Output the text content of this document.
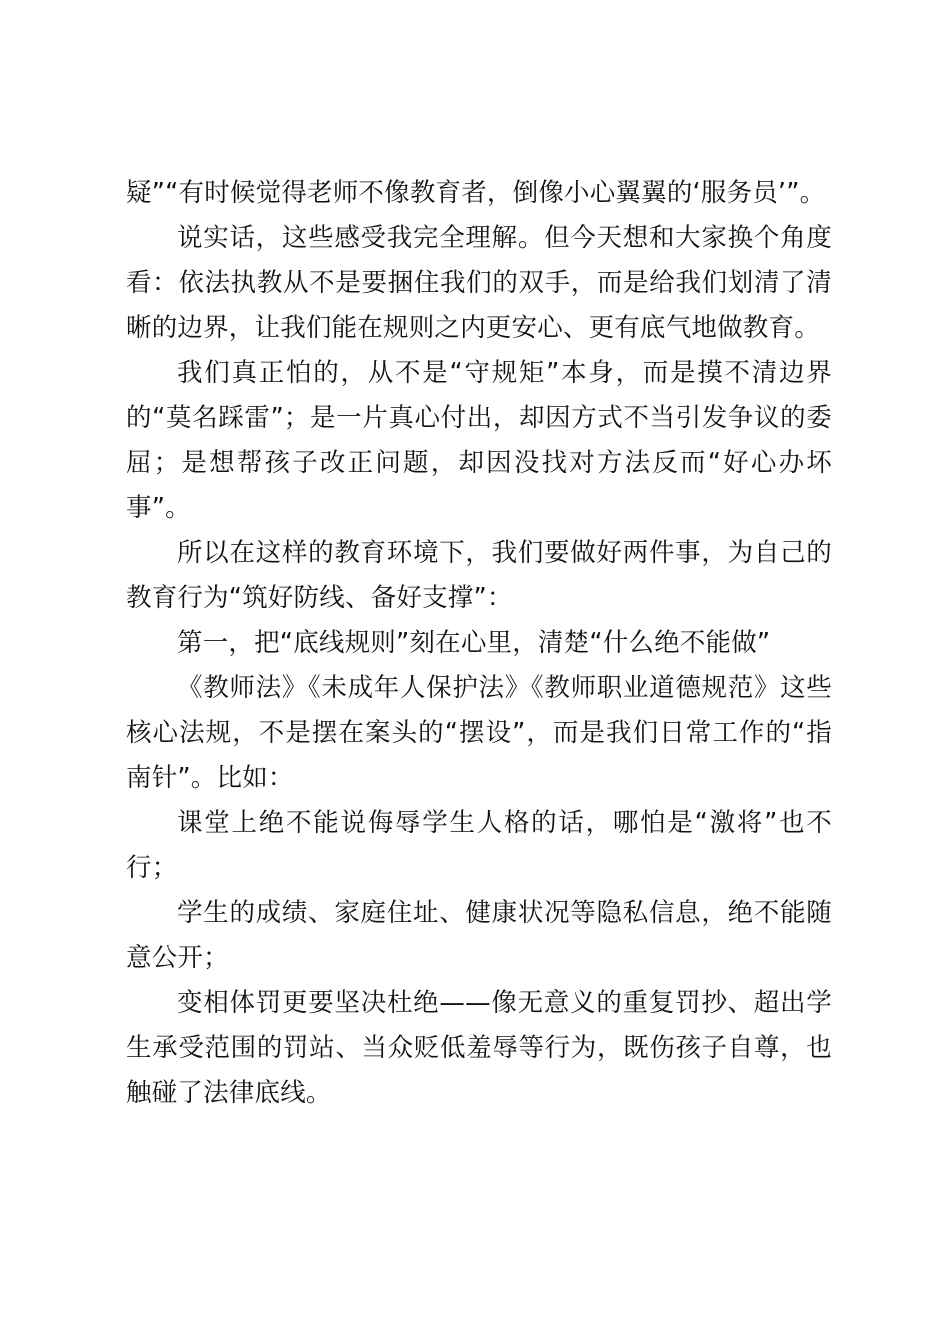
疑”“有时候觉得老师不像教育者，倒像小心翼翼的‘服务员’”。

说实话，这些感受我完全理解。但今天想和大家换个角度看：依法执教从不是要捆住我们的双手，而是给我们划清了清晰的边界，让我们能在规则之内更安心、更有底气地做教育。

我们真正怕的，从不是“守规矩”本身，而是摸不清边界的“莫名踩雷”；是一片真心付出，却因方式不当引发争议的委屈；是想帮孩子改正问题，却因没找对方法反而“好心办坏事”。

所以在这样的教育环境下，我们要做好两件事，为自己的教育行为“筑好防线、备好支撑”：

第一，把“底线规则”刻在心里，清楚“什么绝不能做”

《教师法》《未成年人保护法》《教师职业道德规范》这些核心法规，不是摆在案头的“摆设”，而是我们日常工作的“指南针”。比如：

课堂上绝不能说侮辱学生人格的话，哪怕是“激将”也不行；

学生的成绩、家庭住址、健康状况等隐私信息，绝不能随意公开；

变相体罚更要坚决杜绝——像无意义的重复罚抄、超出学生承受范围的罚站、当众贬低羞辱等行为，既伤孩子自尊，也触碰了法律底线。
